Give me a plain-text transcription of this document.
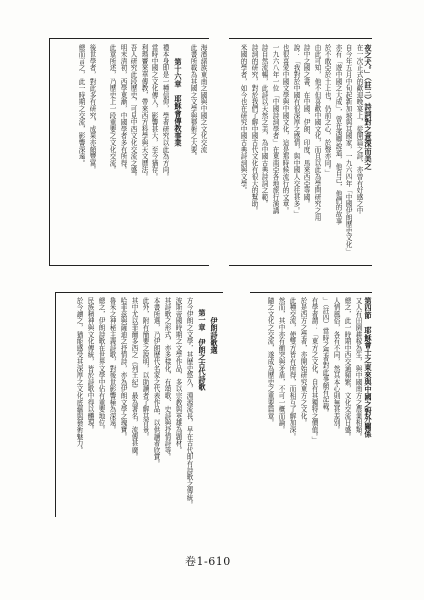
夜之犬。」（註三）詩詞對之意深而美之
在一次正式的歡迎晚宴上，從開篇之詩，亦曾有好感之中
自今年五月中旬起新加坡與其國家，一九六四年「中國伊朗歷史文化」
亦有「遊中國之大成」，曾在漢卿說道，他自己，他們的故事
於不敢亞於土上也，仍前之心，於聲亦同。」
由此可知，他不但喜歡中國文化，而且以此為學問研究之用
詩中之國之書，在中國、伊朗、印度、馬來西亞等國。
說：「我對於中國有很深厚之感情，與中國人交往甚多。」
也很喜愛中國文學與中國文化，這是那時候流行的文章。
一九六八年一位「中國詩詞學者」在東南亞各地旅行演講
詩自然流暢，此詩以天然之美，為中國古典詩詞之範。
詩詞的研究，對於我們了解中國古代文化有很大的幫助。
米國的學者，如今也在研究中國古典詩詞與文學。
海濱諸族東南之國與中國之文化交流
此書所載為其國之文學與藝術之大要。
第十六章　耶穌會傳教事業
禮本身即是一種信仰，學者研究以此為方向。
當時中國之文化傳入，影響甚大，至今猶存。
利瑪竇來華傳教，帶來西方科學與天文曆法。
吾人研究此段歷史，可見中西文化交流之盛。
明末清初，西學東漸，中國學者多有所得。
此章所述，乃歷史上一段重要之文化交流。
後世學者，對此多有研究，成果亦頗豐富。
總而言之，此一時期之交流，影響深遠。
第四節　耶穌會士之東來與中國之對外關係
又人有田園耕稼為生，與中國南方之農業相類。
總之，此一時期中西交通頻繁，文化交流日盛。
人情風俗，各有不同，然其本心則無甚差別。
」（註四）當時之學者對此事頗有記載。
有學者謂：「東方之文化，自有其獨特之價值。」
於是西方之學者，亦開始研究東方之文化。
此種交流，使雙方皆有所得，而相互了解加深。
然而，其中亦有衝突與矛盾，不可一概而論。
隨之文化之交流，遂成為歷史之重要篇章。
伊朗詩歌選
第一章　伊朗之古代詩歌
方今伊朗之文學，其歷史悠久，淵源流長，早在古代即有詩歌之傳統。
波斯帝國時期之文學作品，多以宗教與英雄為題材。
其詩歌之形式，亦多樣化，有頌歌、史詩與抒情詩等。
本書所選，乃伊朗歷代名家之代表作品，以供讀者欣賞。
此外，附有簡要之說明，以助讀者了解其背景。
其中尤以菲爾多西之《列王紀》最為著名，流傳甚廣。
哈菲茲與薩迪之抒情詩，亦為伊朗文學之瑰寶。
魯米之神秘主義詩歌，對後世影響極為深遠。
總之，伊朗詩歌在世界文學中佔有重要地位。
民族精神與文化傳統，皆於詩歌中得以體現。
於今讀之，猶能感受其深厚之文化底蘊與藝術魅力。
卷1-610
